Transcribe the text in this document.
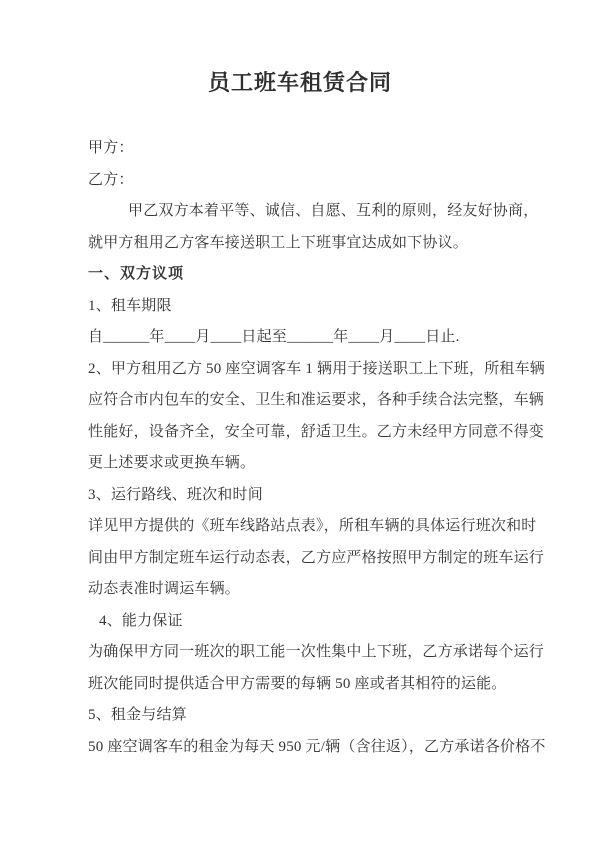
员工班车租赁合同
甲方：
乙方：
甲乙双方本着平等、诚信、自愿、互利的原则，经友好协商，
就甲方租用乙方客车接送职工上下班事宜达成如下协议。
一、双方议项
1、租车期限
自______年____月____日起至______年____月____日止.
2、甲方租用乙方 50 座空调客车 1 辆用于接送职工上下班，所租车辆
应符合市内包车的安全、卫生和准运要求，各种手续合法完整，车辆
性能好，设备齐全，安全可靠，舒适卫生。乙方未经甲方同意不得变
更上述要求或更换车辆。
3、运行路线、班次和时间
详见甲方提供的《班车线路站点表》，所租车辆的具体运行班次和时
间由甲方制定班车运行动态表，乙方应严格按照甲方制定的班车运行
动态表准时调运车辆。
4、能力保证
为确保甲方同一班次的职工能一次性集中上下班，乙方承诺每个运行
班次能同时提供适合甲方需要的每辆 50 座或者其相符的运能。
5、租金与结算
50 座空调客车的租金为每天 950 元/辆（含往返），乙方承诺各价格不
